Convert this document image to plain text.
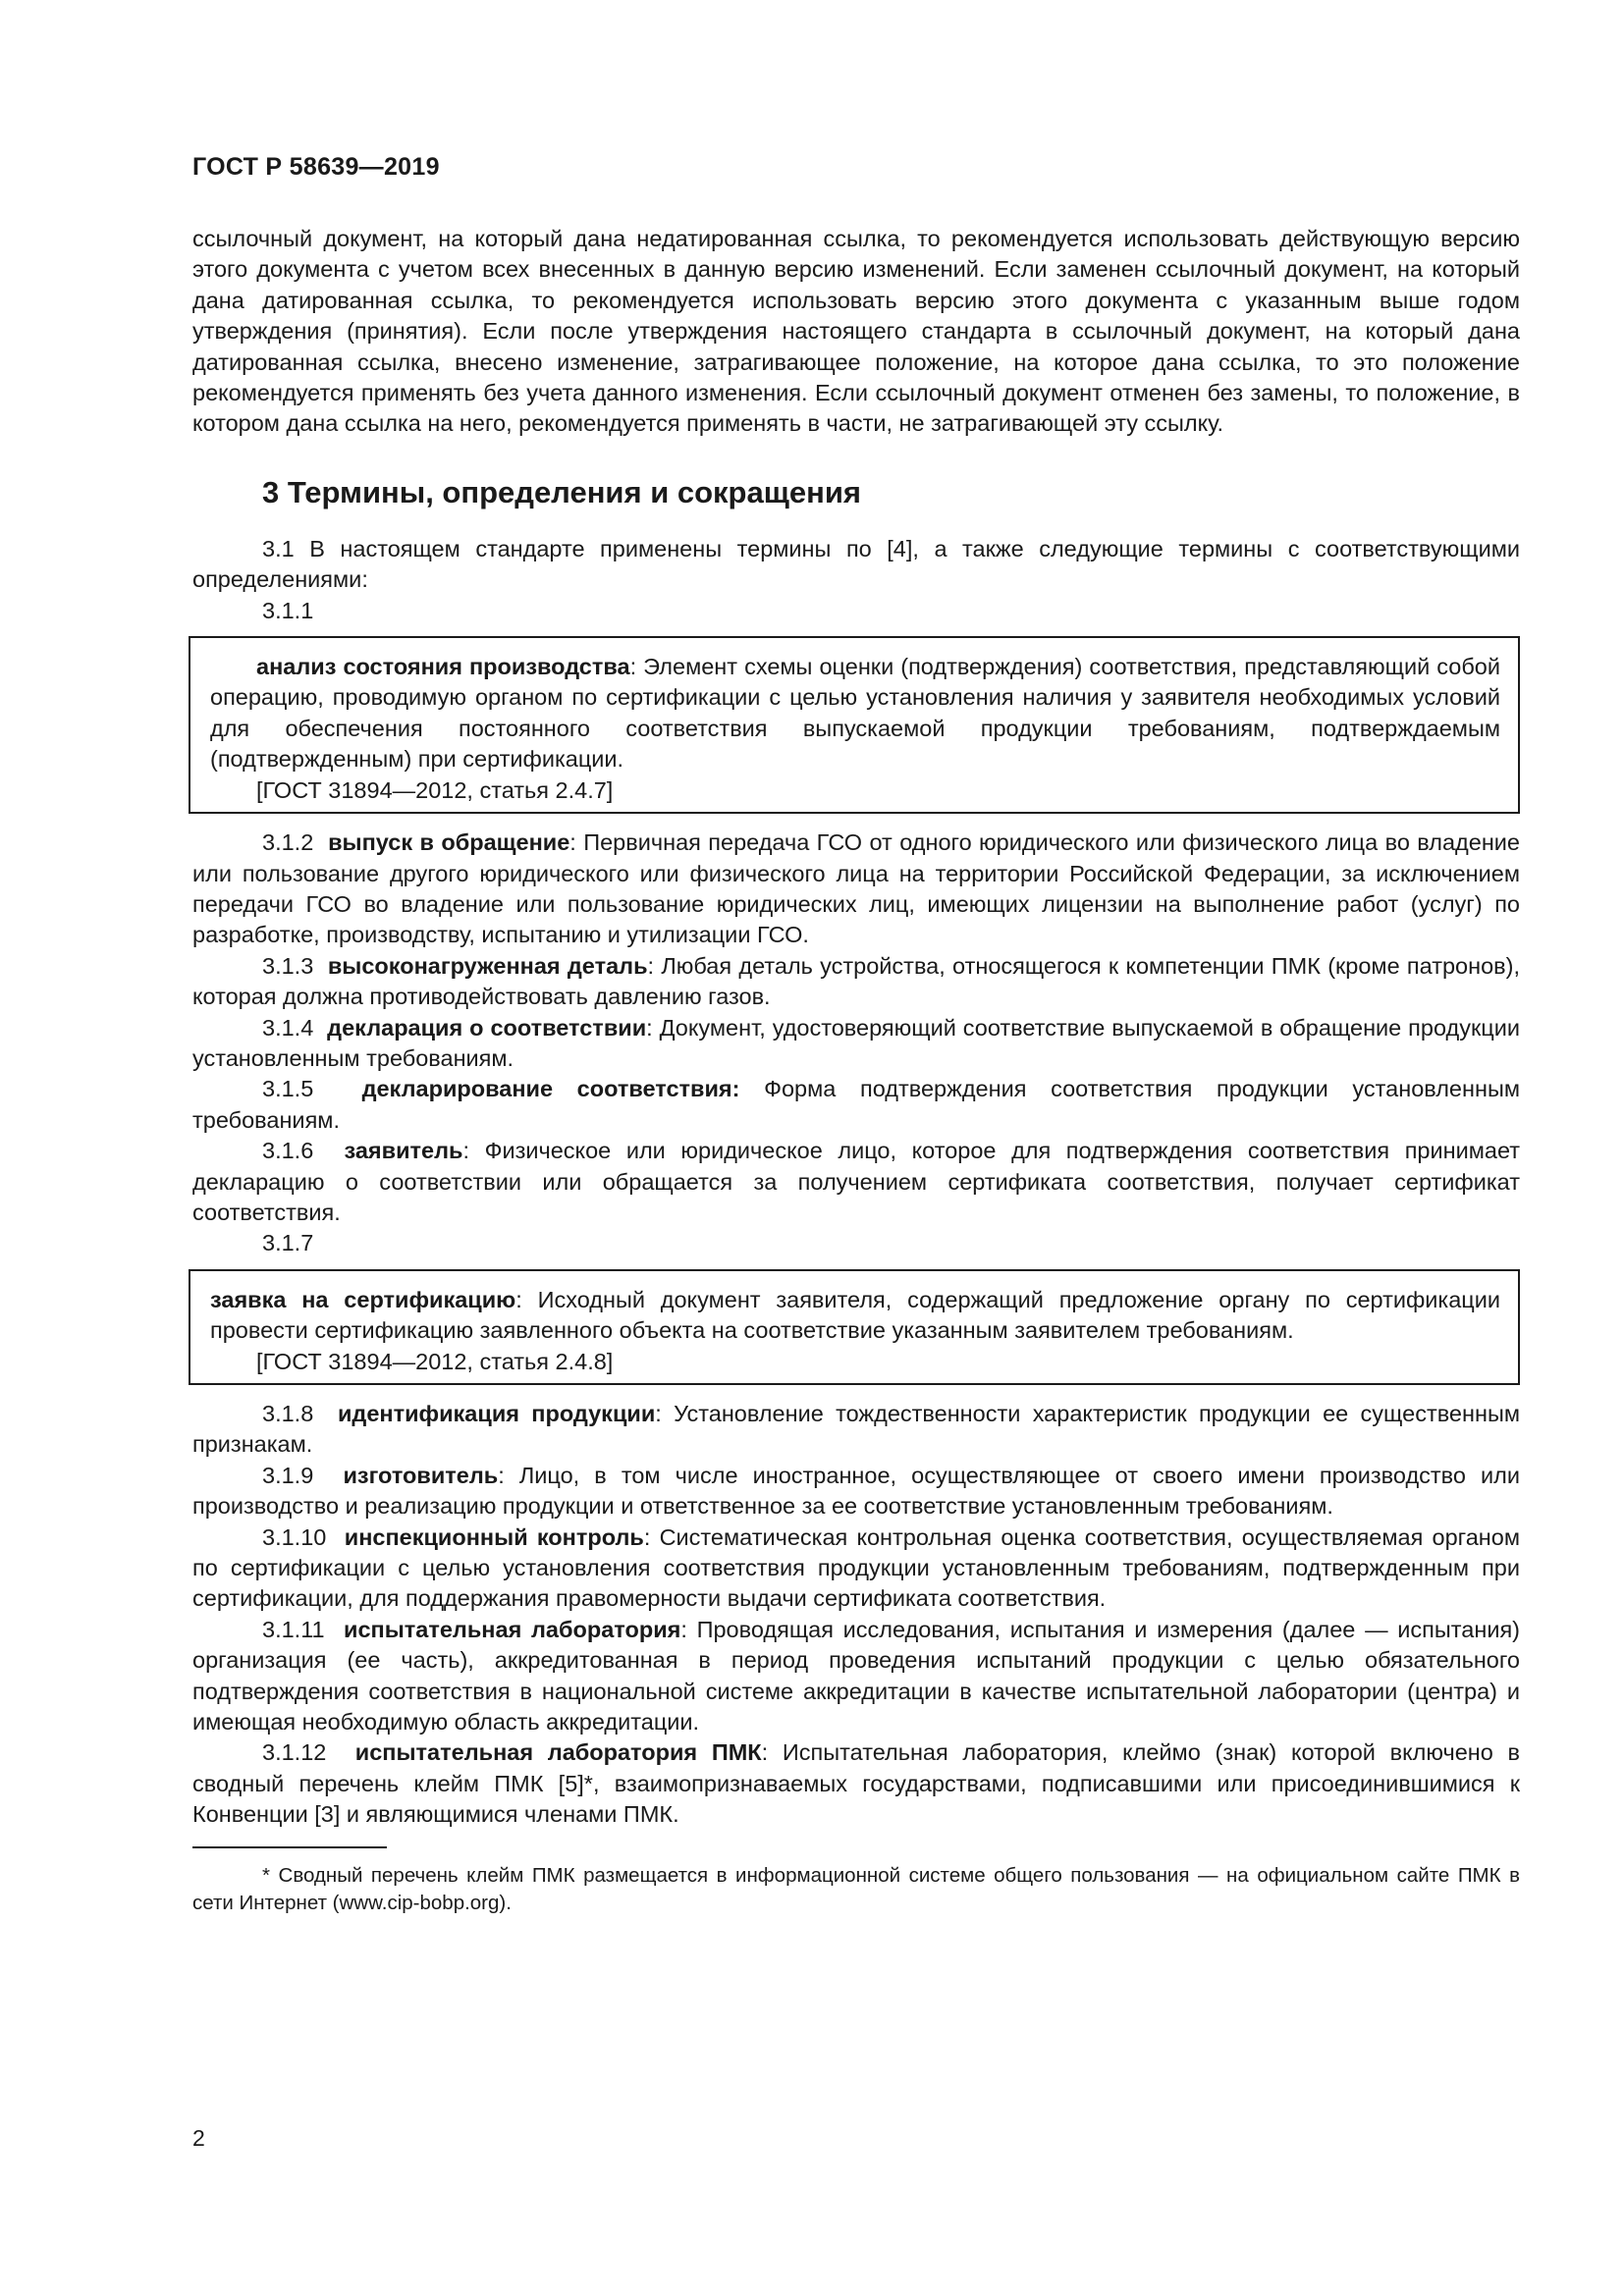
ГОСТ Р 58639—2019

ссылочный документ, на который дана недатированная ссылка, то рекомендуется использовать действующую версию этого документа с учетом всех внесенных в данную версию изменений. Если заменен ссылочный документ, на который дана датированная ссылка, то рекомендуется использовать версию этого документа с указанным выше годом утверждения (принятия). Если после утверждения настоящего стандарта в ссылочный документ, на который дана датированная ссылка, внесено изменение, затрагивающее положение, на которое дана ссылка, то это положение рекомендуется применять без учета данного изменения. Если ссылочный документ отменен без замены, то положение, в котором дана ссылка на него, рекомендуется применять в части, не затрагивающей эту ссылку.

3 Термины, определения и сокращения

3.1 В настоящем стандарте применены термины по [4], а также следующие термины с соответствующими определениями:

3.1.1

анализ состояния производства: Элемент схемы оценки (подтверждения) соответствия, представляющий собой операцию, проводимую органом по сертификации с целью установления наличия у заявителя необходимых условий для обеспечения постоянного соответствия выпускаемой продукции требованиям, подтверждаемым (подтвержденным) при сертификации.

[ГОСТ 31894—2012, статья 2.4.7]

3.1.2 выпуск в обращение: Первичная передача ГСО от одного юридического или физического лица во владение или пользование другого юридического или физического лица на территории Российской Федерации, за исключением передачи ГСО во владение или пользование юридических лиц, имеющих лицензии на выполнение работ (услуг) по разработке, производству, испытанию и утилизации ГСО.

3.1.3 высоконагруженная деталь: Любая деталь устройства, относящегося к компетенции ПМК (кроме патронов), которая должна противодействовать давлению газов.

3.1.4 декларация о соответствии: Документ, удостоверяющий соответствие выпускаемой в обращение продукции установленным требованиям.

3.1.5 декларирование соответствия: Форма подтверждения соответствия продукции установленным требованиям.

3.1.6 заявитель: Физическое или юридическое лицо, которое для подтверждения соответствия принимает декларацию о соответствии или обращается за получением сертификата соответствия, получает сертификат соответствия.

3.1.7

заявка на сертификацию: Исходный документ заявителя, содержащий предложение органу по сертификации провести сертификацию заявленного объекта на соответствие указанным заявителем требованиям.

[ГОСТ 31894—2012, статья 2.4.8]

3.1.8 идентификация продукции: Установление тождественности характеристик продукции ее существенным признакам.

3.1.9 изготовитель: Лицо, в том числе иностранное, осуществляющее от своего имени производство или производство и реализацию продукции и ответственное за ее соответствие установленным требованиям.

3.1.10 инспекционный контроль: Систематическая контрольная оценка соответствия, осуществляемая органом по сертификации с целью установления соответствия продукции установленным требованиям, подтвержденным при сертификации, для поддержания правомерности выдачи сертификата соответствия.

3.1.11 испытательная лаборатория: Проводящая исследования, испытания и измерения (далее — испытания) организация (ее часть), аккредитованная в период проведения испытаний продукции с целью обязательного подтверждения соответствия в национальной системе аккредитации в качестве испытательной лаборатории (центра) и имеющая необходимую область аккредитации.

3.1.12 испытательная лаборатория ПМК: Испытательная лаборатория, клеймо (знак) которой включено в сводный перечень клейм ПМК [5]*, взаимопризнаваемых государствами, подписавшими или присоединившимися к Конвенции [3] и являющимися членами ПМК.

* Сводный перечень клейм ПМК размещается в информационной системе общего пользования — на официальном сайте ПМК в сети Интернет (www.cip-bobp.org).

2
